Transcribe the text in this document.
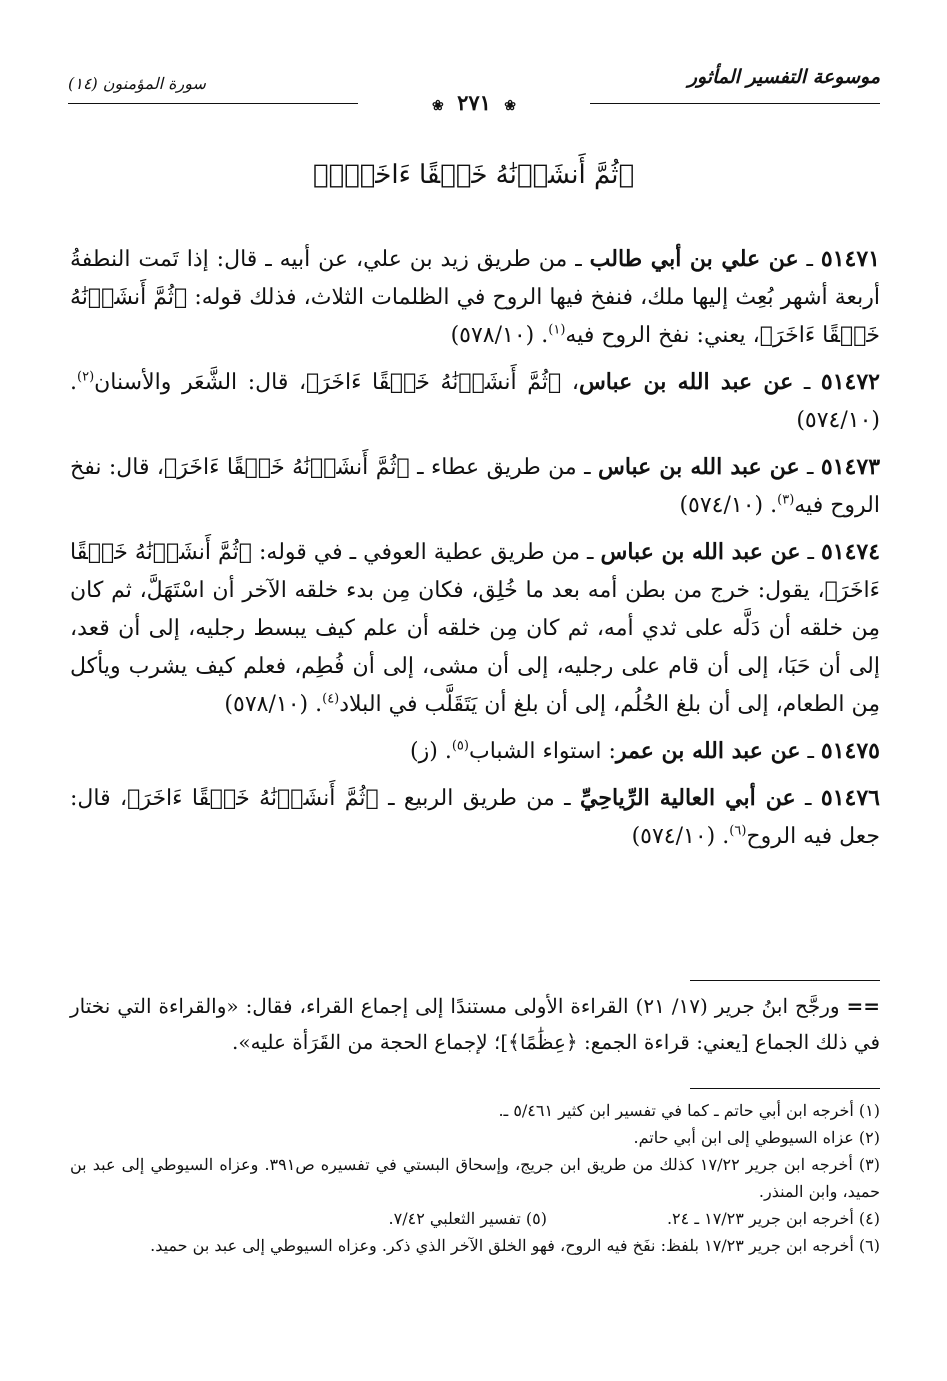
موسوعة التفسير المأثور
سورة المؤمنون (١٤)
❀ ٢٧١ ❀
﴿ثُمَّ أَنشَأۡنَٰهُ خَلۡقًا ءَاخَرَۚ﴾

٥١٤٧١ ـ عن علي بن أبي طالب ـ من طريق زيد بن علي، عن أبيه ـ قال: إذا تَمت النطفةُ أربعة أشهر بُعِث إليها ملك، فنفخ فيها الروح في الظلمات الثلاث، فذلك قوله: ﴿ثُمَّ أَنشَأۡنَٰهُ خَلۡقًا ءَاخَرَ﴾، يعني: نفخ الروح فيه$^{(١)}$. (٥٧٨/١٠)

٥١٤٧٢ ـ عن عبد الله بن عباس، ﴿ثُمَّ أَنشَأۡنَٰهُ خَلۡقًا ءَاخَرَ﴾، قال: الشَّعَر والأسنان$^{(٢)}$. (٥٧٤/١٠)

٥١٤٧٣ ـ عن عبد الله بن عباس ـ من طريق عطاء ـ ﴿ثُمَّ أَنشَأۡنَٰهُ خَلۡقًا ءَاخَرَ﴾، قال: نفخ الروح فيه$^{(٣)}$. (٥٧٤/١٠)

٥١٤٧٤ ـ عن عبد الله بن عباس ـ من طريق عطية العوفي ـ في قوله: ﴿ثُمَّ أَنشَأۡنَٰهُ خَلۡقًا ءَاخَرَ﴾، يقول: خرج من بطن أمه بعد ما خُلِق، فكان مِن بدء خلقه الآخر أن اسْتَهَلَّ، ثم كان مِن خلقه أن دَلَّه على ثدي أمه، ثم كان مِن خلقه أن علم كيف يبسط رجليه، إلى أن قعد، إلى أن حَبَا، إلى أن قام على رجليه، إلى أن مشى، إلى أن فُطِم، فعلم كيف يشرب ويأكل مِن الطعام، إلى أن بلغ الحُلُم، إلى أن بلغ أن يَتَقَلَّب في البلاد$^{(٤)}$. (٥٧٨/١٠)

٥١٤٧٥ ـ عن عبد الله بن عمر: استواء الشباب$^{(٥)}$. (ز)

٥١٤٧٦ ـ عن أبي العالية الرِّياحِيِّ ـ من طريق الربيع ـ ﴿ثُمَّ أَنشَأۡنَٰهُ خَلۡقًا ءَاخَرَ﴾، قال: جعل فيه الروح$^{(٦)}$. (٥٧٤/١٠)

== ورجَّح ابنُ جرير (١٧/ ٢١) القراءة الأولى مستندًا إلى إجماع القراء، فقال: «والقراءة التي نختار في ذلك الجماع [يعني: قراءة الجمع: ﴿عِظَٰمًا﴾]؛ لإجماع الحجة من القَرَأة عليه».

(١) أخرجه ابن أبي حاتم ـ كما في تفسير ابن كثير ٥/٤٦١ ـ.

(٢) عزاه السيوطي إلى ابن أبي حاتم.

(٣) أخرجه ابن جرير ١٧/٢٢ كذلك من طريق ابن جريج، وإسحاق البستي في تفسيره ص٣٩١. وعزاه السيوطي إلى عبد بن حميد، وابن المنذر.

(٤) أخرجه ابن جرير ١٧/٢٣ ـ ٢٤.

(٥) تفسير الثعلبي ٧/٤٢.

(٦) أخرجه ابن جرير ١٧/٢٣ بلفظ: نفَخ فيه الروح، فهو الخلق الآخر الذي ذكر. وعزاه السيوطي إلى عبد بن حميد.
